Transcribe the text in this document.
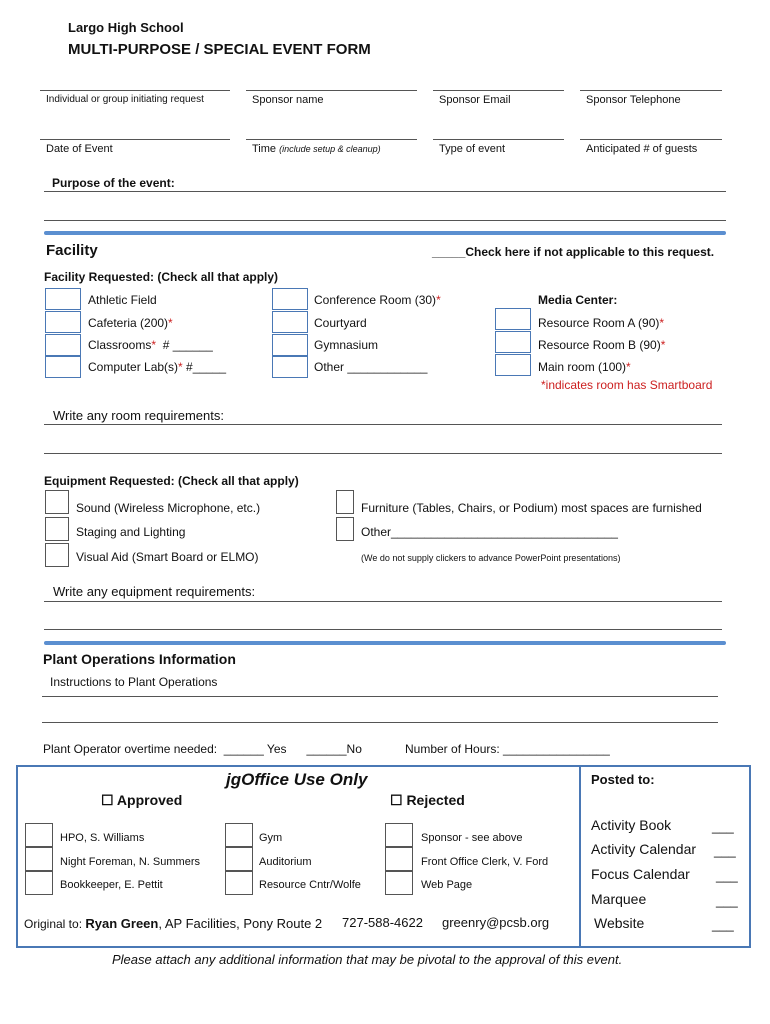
Largo High School
MULTI-PURPOSE / SPECIAL EVENT FORM
Individual or group initiating request	Sponsor name	Sponsor Email	Sponsor Telephone
Date of Event	Time (include setup & cleanup)	Type of event	Anticipated # of guests
Purpose of the event:
Facility	_____Check here if not applicable to this request.
Facility Requested: (Check all that apply)
Athletic Field
Cafeteria (200)*
Classrooms*  # ______
Computer Lab(s)* #_____
Conference Room (30)*
Courtyard
Gymnasium
Other ____________
Media Center:
Resource Room A (90)*
Resource Room B (90)*
Main room (100)*
*indicates room has Smartboard
Write any room requirements:
Equipment Requested: (Check all that apply)
Sound (Wireless Microphone, etc.)
Staging and Lighting
Visual Aid (Smart Board or ELMO)
Furniture (Tables, Chairs, or Podium) most spaces are furnished
Other__________________________________
(We do not supply clickers to advance PowerPoint presentations)
Write any equipment requirements:
Plant Operations Information
Instructions to Plant Operations
Plant Operator overtime needed:  ______ Yes      ______No	Number of Hours: ________________
jgOffice Use Only
☐ Approved	☐ Rejected
HPO, S. Williams
Night Foreman, N. Summers
Bookkeeper, E. Pettit
Gym
Auditorium
Resource Cntr/Wolfe
Sponsor - see above
Front Office Clerk, V. Ford
Web Page
Original to: Ryan Green, AP Facilities, Pony Route 2 727-588-4622 greenry@pcsb.org
Posted to:
Activity Book
Activity Calendar
Focus Calendar
Marquee
Website
___
___
___
___
___
Please attach any additional information that may be pivotal to the approval of this event.
